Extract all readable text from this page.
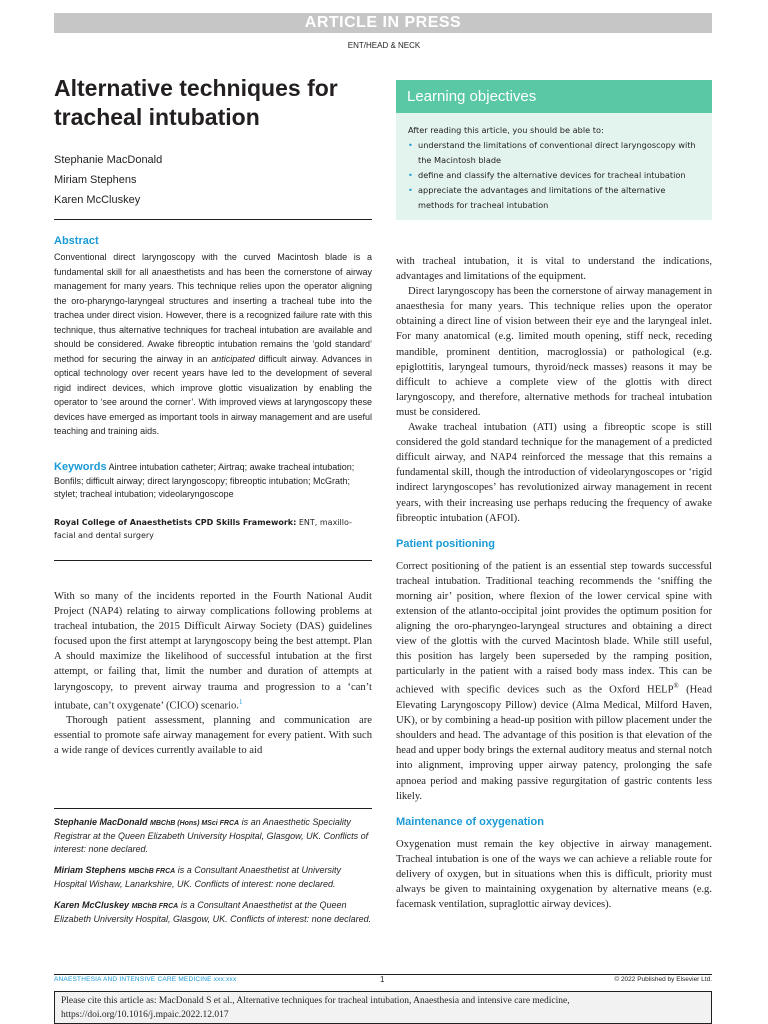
ARTICLE IN PRESS
ENT/HEAD & NECK
Alternative techniques for tracheal intubation
Stephanie MacDonald
Miriam Stephens
Karen McCluskey
Learning objectives
After reading this article, you should be able to:
• understand the limitations of conventional direct laryngoscopy with the Macintosh blade
• define and classify the alternative devices for tracheal intubation
• appreciate the advantages and limitations of the alternative methods for tracheal intubation
Abstract

Conventional direct laryngoscopy with the curved Macintosh blade is a fundamental skill for all anaesthetists and has been the cornerstone of airway management for many years. This technique relies upon the operator aligning the oro-pharyngo-laryngeal structures and inserting a tracheal tube into the trachea under direct vision. However, there is a recognized failure rate with this technique, thus alternative techniques for tracheal intubation are available and should be considered. Awake fibreoptic intubation remains the ‘gold standard’ method for securing the airway in an anticipated difficult airway. Advances in optical technology over recent years have led to the development of several rigid indirect devices, which improve glottic visualization by enabling the operator to ‘see around the corner’. With improved views at laryngoscopy these devices have emerged as important tools in airway management and are useful teaching and training aids.

Keywords Aintree intubation catheter; Airtraq; awake tracheal intubation; Bonfils; difficult airway; direct laryngoscopy; fibreoptic intubation; McGrath; stylet; tracheal intubation; videolaryngoscope

Royal College of Anaesthetists CPD Skills Framework: ENT, maxillo-facial and dental surgery

With so many of the incidents reported in the Fourth National Audit Project (NAP4) relating to airway complications following problems at tracheal intubation, the 2015 Difficult Airway Society (DAS) guidelines focused upon the first attempt at laryngoscopy being the best attempt. Plan A should maximize the likelihood of successful intubation at the first attempt, or failing that, limit the number and duration of attempts at laryngoscopy, to prevent airway trauma and progression to a ‘can’t intubate, can’t oxygenate’ (CICO) scenario.$^1$

Thorough patient assessment, planning and communication are essential to promote safe airway management for every patient. With such a wide range of devices currently available to aid

Stephanie MacDonald MBChB (Hons) MSci FRCA is an Anaesthetic Speciality Registrar at the Queen Elizabeth University Hospital, Glasgow, UK. Conflicts of interest: none declared.

Miriam Stephens MBChB FRCA is a Consultant Anaesthetist at University Hospital Wishaw, Lanarkshire, UK. Conflicts of interest: none declared.

Karen McCluskey MBChB FRCA is a Consultant Anaesthetist at the Queen Elizabeth University Hospital, Glasgow, UK. Conflicts of interest: none declared.

with tracheal intubation, it is vital to understand the indications, advantages and limitations of the equipment.

Direct laryngoscopy has been the cornerstone of airway management in anaesthesia for many years. This technique relies upon the operator obtaining a direct line of vision between their eye and the laryngeal inlet. For many anatomical (e.g. limited mouth opening, stiff neck, receding mandible, prominent dentition, macroglossia) or pathological (e.g. epiglottitis, laryngeal tumours, thyroid/neck masses) reasons it may be difficult to achieve a complete view of the glottis with direct laryngoscopy, and therefore, alternative methods for tracheal intubation must be considered.

Awake tracheal intubation (ATI) using a fibreoptic scope is still considered the gold standard technique for the management of a predicted difficult airway, and NAP4 reinforced the message that this remains a fundamental skill, though the introduction of videolaryngoscopes or ‘rigid indirect laryngoscopes’ has revolutionized airway management in recent years, with their increasing use perhaps reducing the frequency of awake fibreoptic intubation (AFOI).

Patient positioning

Correct positioning of the patient is an essential step towards successful tracheal intubation. Traditional teaching recommends the ‘sniffing the morning air’ position, where flexion of the lower cervical spine with extension of the atlanto-occipital joint provides the optimum position for aligning the oro-pharyngeo-laryngeal structures and obtaining a direct view of the glottis with the curved Macintosh blade. While still useful, this position has largely been superseded by the ramping position, particularly in the patient with a raised body mass index. This can be achieved with specific devices such as the Oxford HELP® (Head Elevating Laryngoscopy Pillow) device (Alma Medical, Milford Haven, UK), or by combining a head-up position with pillow placement under the shoulders and head. The advantage of this position is that elevation of the head and upper body brings the external auditory meatus and sternal notch into alignment, improving upper airway patency, prolonging the safe apnoea period and making passive regurgitation of gastric contents less likely.

Maintenance of oxygenation

Oxygenation must remain the key objective in airway management. Tracheal intubation is one of the ways we can achieve a reliable route for delivery of oxygen, but in situations when this is difficult, priority must always be given to maintaining oxygenation by alternative means (e.g. facemask ventilation, supraglottic airway devices).

ANAESTHESIA AND INTENSIVE CARE MEDICINE xxx:xxx	1	© 2022 Published by Elsevier Ltd.
Please cite this article as: MacDonald S et al., Alternative techniques for tracheal intubation, Anaesthesia and intensive care medicine, https://doi.org/10.1016/j.mpaic.2022.12.017
